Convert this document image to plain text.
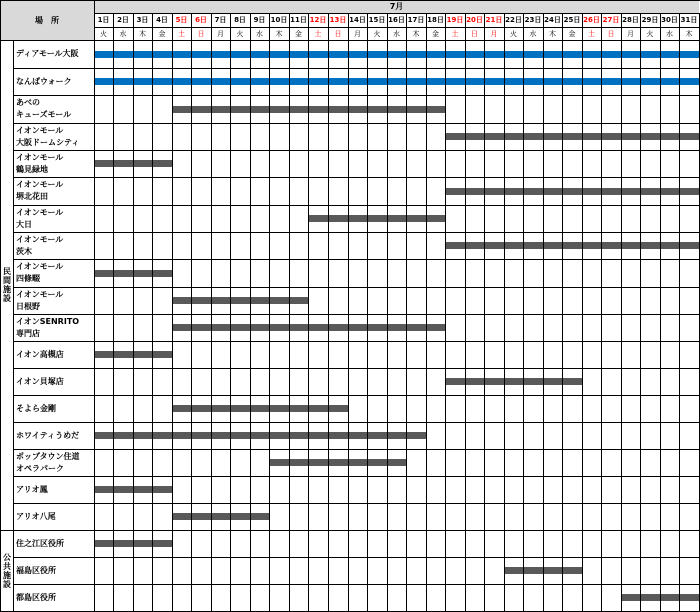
場　所
7月
1日
火
2日
水
3日
木
4日
金
5日
土
6日
日
7日
月
8日
火
9日
水
10日
木
11日
金
12日
土
13日
日
14日
月
15日
火
16日
水
17日
木
18日
金
19日
土
20日
日
21日
月
22日
火
23日
水
24日
木
25日
金
26日
土
27日
日
28日
月
29日
火
30日
水
31日
木
民間施設
公共施設
ディアモール大阪
なんばウォーク
あべの
キューズモール
イオンモール
大阪ドームシティ
イオンモール
鶴見緑地
イオンモール
堺北花田
イオンモール
大日
イオンモール
茨木
イオンモール
四條畷
イオンモール
日根野
イオンSENRITO
専門店
イオン高槻店
イオン貝塚店
そよら金剛
ホワイティうめだ
ポップタウン住道
オペラパーク
アリオ鳳
アリオ八尾
住之江区役所
福島区役所
都島区役所
